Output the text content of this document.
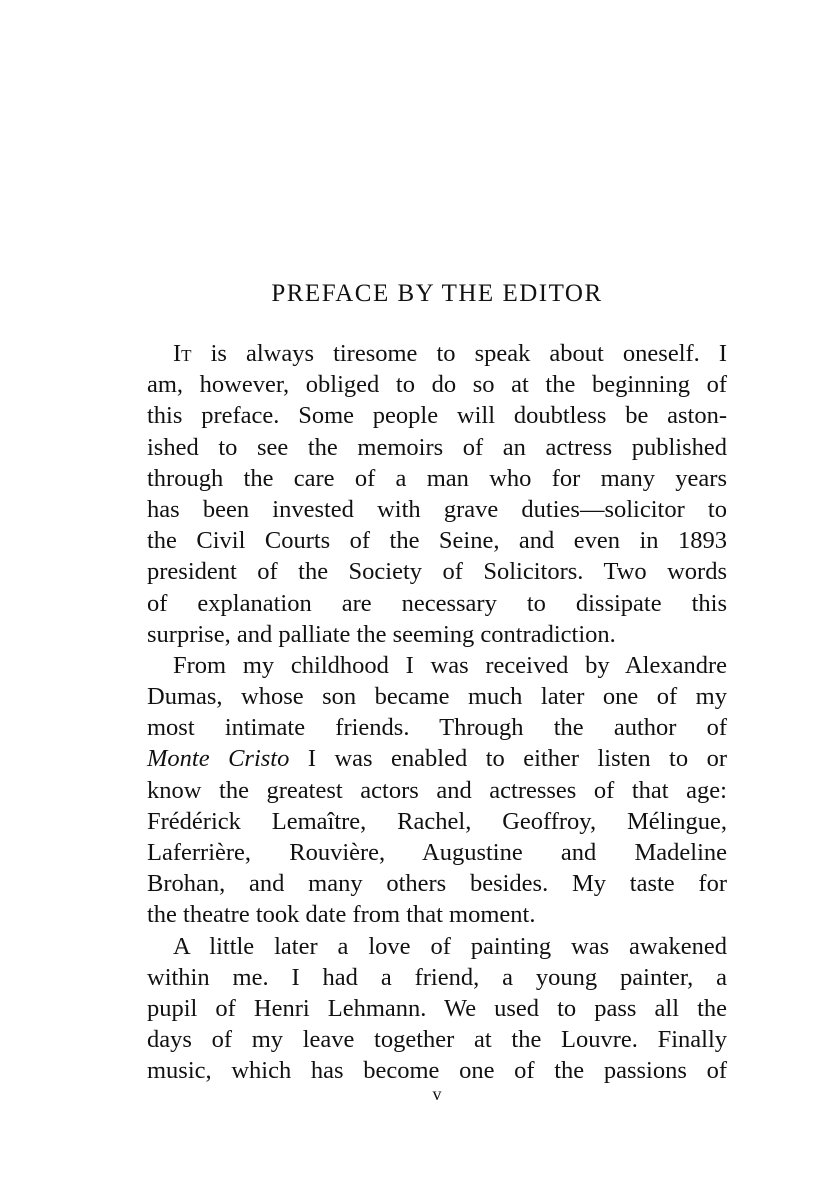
PREFACE BY THE EDITOR
It is always tiresome to speak about oneself. I
am, however, obliged to do so at the beginning of
this preface. Some people will doubtless be aston-
ished to see the memoirs of an actress published
through the care of a man who for many years
has been invested with grave duties—solicitor to
the Civil Courts of the Seine, and even in 1893
president of the Society of Solicitors. Two words
of explanation are necessary to dissipate this
surprise, and palliate the seeming contradiction.
From my childhood I was received by Alexandre
Dumas, whose son became much later one of my
most intimate friends. Through the author of
Monte Cristo I was enabled to either listen to or
know the greatest actors and actresses of that age:
Frédérick Lemaître, Rachel, Geoffroy, Mélingue,
Laferrière, Rouvière, Augustine and Madeline
Brohan, and many others besides. My taste for
the theatre took date from that moment.
A little later a love of painting was awakened
within me. I had a friend, a young painter, a
pupil of Henri Lehmann. We used to pass all the
days of my leave together at the Louvre. Finally
music, which has become one of the passions of
v
